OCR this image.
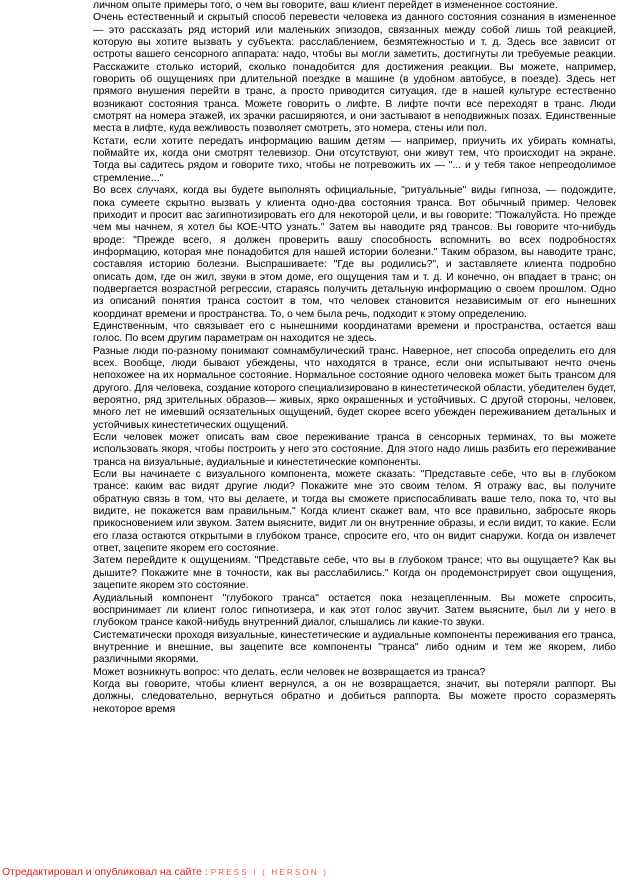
личном опыте примеры того, о чем вы говорите, ваш клиент перейдет в измененное состояние.

Очень естественный и скрытый способ перевести человека из данного состояния сознания в измененное — это рассказать ряд историй или маленьких эпизодов, связанных между собой лишь той реакцией, которую вы хотите вызвать у субъекта: расслаблением, безмятежностью и т. д. Здесь все зависит от остроты вашего сенсорного аппарата: надо, чтобы вы могли заметить, достигнуты ли требуемые реакции. Расскажите столько историй, сколько понадобится для достижения реакции. Вы можете, например, говорить об ощущениях при длительной поездке в машине (в удобном автобусе, в поезде). Здесь нет прямого внушения перейти в транс, а просто приводится ситуация, где в нашей культуре естественно возникают состояния транса. Можете говорить о лифте. В лифте почти все переходят в транс. Люди смотрят на номера этажей, их зрачки расширяются, и они застывают в неподвижных позах. Единственные места в лифте, куда вежливость позволяет смотреть, это номера, стены или пол.

Кстати, если хотите передать информацию вашим детям — например, приучить их убирать комнаты, поймайте их, когда они смотрят телевизор. Они отсутствуют, они живут тем, что происходит на экране. Тогда вы садитесь рядом и говорите тихо, чтобы не потревожить их — "... и у тебя такое непреодолимое стремление..."

Во всех случаях, когда вы будете выполнять официальные, "ритуальные" виды гипноза, — подождите, пока сумеете скрытно вызвать у клиента одно-два состояния транса. Вот обычный пример. Человек приходит и просит вас загипнотизировать его для некоторой цели, и вы говорите: "Пожалуйста. Но прежде чем мы начнем, я хотел бы КОЕ-ЧТО узнать." Затем вы наводите ряд трансов. Вы говорите что-нибудь вроде: "Прежде всего, я должен проверить вашу способность вспомнить во всех подробностях информацию, которая мне понадобится для нашей истории болезни." Таким образом, вы наводите транс, составляя историю болезни. Выспрашиваете: "Где вы родились?", и заставляете клиента подробно описать дом, где он жил, звуки в этом доме, его ощущения там и т. д. И конечно, он впадает в транс; он подвергается возрастной регрессии, стараясь получить детальную информацию о своем прошлом. Одно из описаний понятия транса состоит в том, что человек становится независимым от его нынешних координат времени и пространства. То, о чем была речь, подходит к этому определению.

Единственным, что связывает его с нынешними координатами времени и пространства, остается ваш голос. По всем другим параметрам он находится не здесь.

Разные люди по-разному понимают сомнамбулический транс. Наверное, нет способа определить его для всех. Вообще, люди бывают убеждены, что находятся в трансе, если они испытывают нечто очень непохожее на их нормальное состояние. Нормальное состояние одного человека может быть трансом для другого. Для человека, создание которого специализировано в кинестетической области, убедителен будет, вероятно, ряд зрительных образов— живых, ярко окрашенных и устойчивых. С другой стороны, человек, много лет не имевший осязательных ощущений, будет скорее всего убежден переживанием детальных и устойчивых кинестетических ощущений.

Если человек может описать вам свое переживание транса в сенсорных терминах, то вы можете использовать якоря, чтобы построить у него это состояние. Для этого надо лишь разбить его переживание транса на визуальные, аудиальные и кинестетические компоненты.

Если вы начинаете с визуального компонента, можете сказать: "Представьте себе, что вы в глубоком трансе: каким вас видят другие люди? Покажите мне это своим телом. Я отражу вас, вы получите обратную связь в том, что вы делаете, и тогда вы сможете приспосабливать ваше тело, пока то, что вы видите, не покажется вам правильным." Когда клиент скажет вам, что все правильно, забросьте якорь прикосновением или звуком. Затем выясните, видит ли он внутренние образы, и если видит, то какие. Если его глаза остаются открытыми в глубоком трансе, спросите его, что он видит снаружи. Когда он извлечет ответ, зацепите якорем его состояние.

Затем перейдите к ощущениям. "Представьте себе, что вы в глубоком трансе; что вы ощущаете? Как вы дышите? Покажите мне в точности, как вы расслабились." Когда он продемонстрирует свои ощущения, зацепите якорем это состояние.

Аудиальный компонент "глубокого транса" остается пока незацепленным. Вы можете спросить, воспринимает ли клиент голос гипнотизера, и как этот голос звучит. Затем выясните, был ли у него в глубоком трансе какой-нибудь внутренний диалог, слышались ли какие-то звуки.

Систематически проходя визуальные, кинестетические и аудиальные компоненты переживания его транса, внутренние и внешние, вы зацепите все компоненты "транса" либо одним и тем же якорем, либо различными якорями.

Может возникнуть вопрос: что делать, если человек не возвращается из транса?

Когда вы говорите, чтобы клиент вернулся, а он не возвращается, значит, вы потеряли раппорт. Вы должны, следовательно, вернуться обратно и добиться раппорта. Вы можете просто соразмерять некоторое время

Отредактировал и опубликовал на сайте : PRESS I ( HERSON )
